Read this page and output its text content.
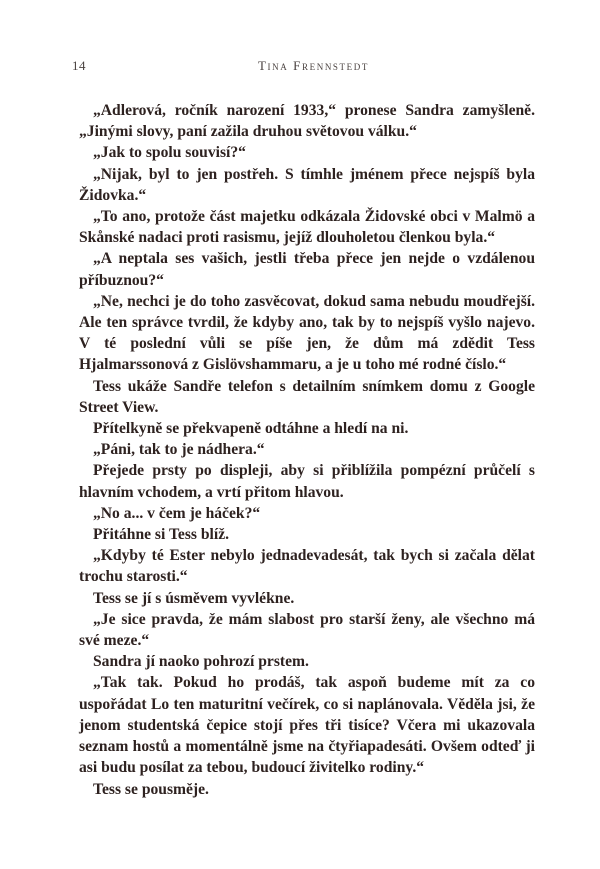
14	Tina Frennstedt

„Adlerová, ročník narození 1933,“ pronese Sandra zamyšleně. „Jinými slovy, paní zažila druhou světovou válku.“

„Jak to spolu souvisí?“

„Nijak, byl to jen postřeh. S tímhle jménem přece nejspíš byla Židovka.“

„To ano, protože část majetku odkázala Židovské obci v Malmö a Skånské nadaci proti rasismu, jejíž dlouholetou členkou byla.“

„A neptala ses vašich, jestli třeba přece jen nejde o vzdálenou příbuznou?“

„Ne, nechci je do toho zasvěcovat, dokud sama nebudu moudřejší. Ale ten správce tvrdil, že kdyby ano, tak by to nejspíš vyšlo najevo. V té poslední vůli se píše jen, že dům má zdědit Tess Hjalmarssonová z Gislövshammaru, a je u toho mé rodné číslo.“

Tess ukáže Sandře telefon s detailním snímkem domu z Google Street View.

Přítelkyně se překvapeně odtáhne a hledí na ni.

„Páni, tak to je nádhera.“

Přejede prsty po displeji, aby si přiblížila pompézní průčelí s hlavním vchodem, a vrtí přitom hlavou.

„No a... v čem je háček?“

Přitáhne si Tess blíž.

„Kdyby té Ester nebylo jednadevadesát, tak bych si začala dělat trochu starosti.“

Tess se jí s úsměvem vyvlékne.

„Je sice pravda, že mám slabost pro starší ženy, ale všechno má své meze.“

Sandra jí naoko pohrozí prstem.

„Tak tak. Pokud ho prodáš, tak aspoň budeme mít za co uspořádat Lo ten maturitní večírek, co si naplánovala. Věděla jsi, že jenom studentská čepice stojí přes tři tisíce? Včera mi ukazovala seznam hostů a momentálně jsme na čtyřiapadesáti. Ovšem odteď ji asi budu posílat za tebou, budoucí živitelko rodiny.“

Tess se pousměje.
